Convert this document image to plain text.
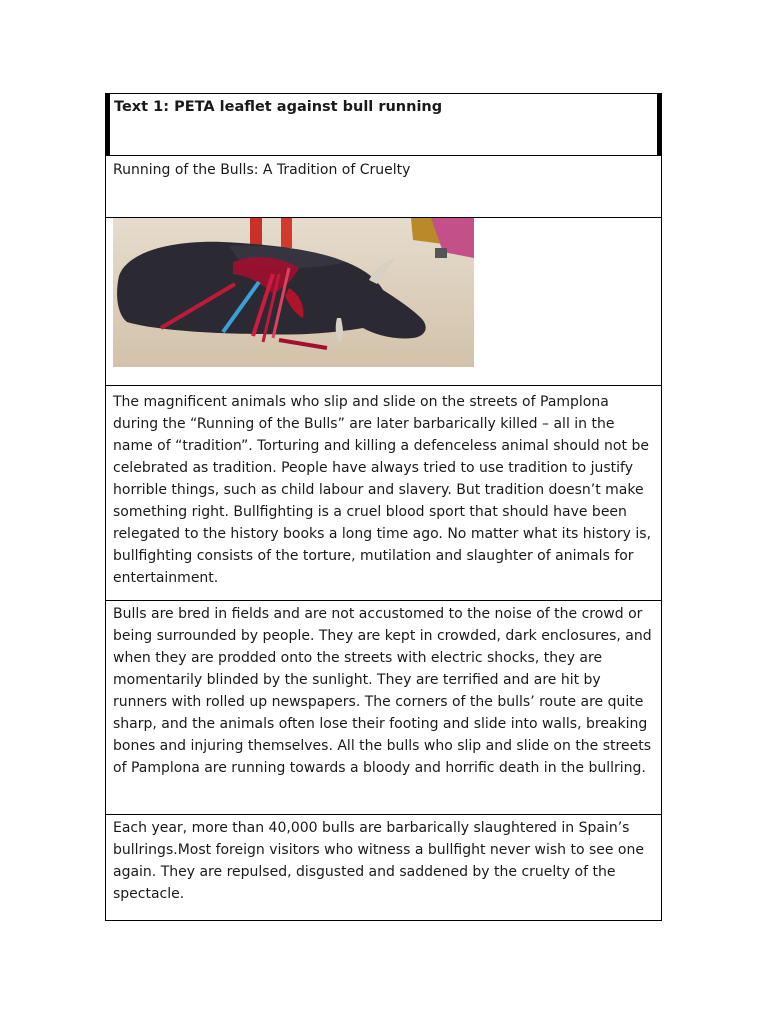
Text 1: PETA leaflet against bull running
Running of the Bulls: A Tradition of Cruelty

The magnificent animals who slip and slide on the streets of Pamplona during the “Running of the Bulls” are later barbarically killed – all in the name of “tradition”. Torturing and killing a defenceless animal should not be celebrated as tradition. People have always tried to use tradition to justify horrible things, such as child labour and slavery. But tradition doesn’t make something right. Bullfighting is a cruel blood sport that should have been relegated to the history books a long time ago. No matter what its history is, bullfighting consists of the torture, mutilation and slaughter of animals for entertainment.

Bulls are bred in fields and are not accustomed to the noise of the crowd or being surrounded by people. They are kept in crowded, dark enclosures, and when they are prodded onto the streets with electric shocks, they are momentarily blinded by the sunlight. They are terrified and are hit by runners with rolled up newspapers. The corners of the bulls’ route are quite sharp, and the animals often lose their footing and slide into walls, breaking bones and injuring themselves. All the bulls who slip and slide on the streets of Pamplona are running towards a bloody and horrific death in the bullring.

Each year, more than 40,000 bulls are barbarically slaughtered in Spain’s bullrings.Most foreign visitors who witness a bullfight never wish to see one again. They are repulsed, disgusted and saddened by the cruelty of the spectacle.
